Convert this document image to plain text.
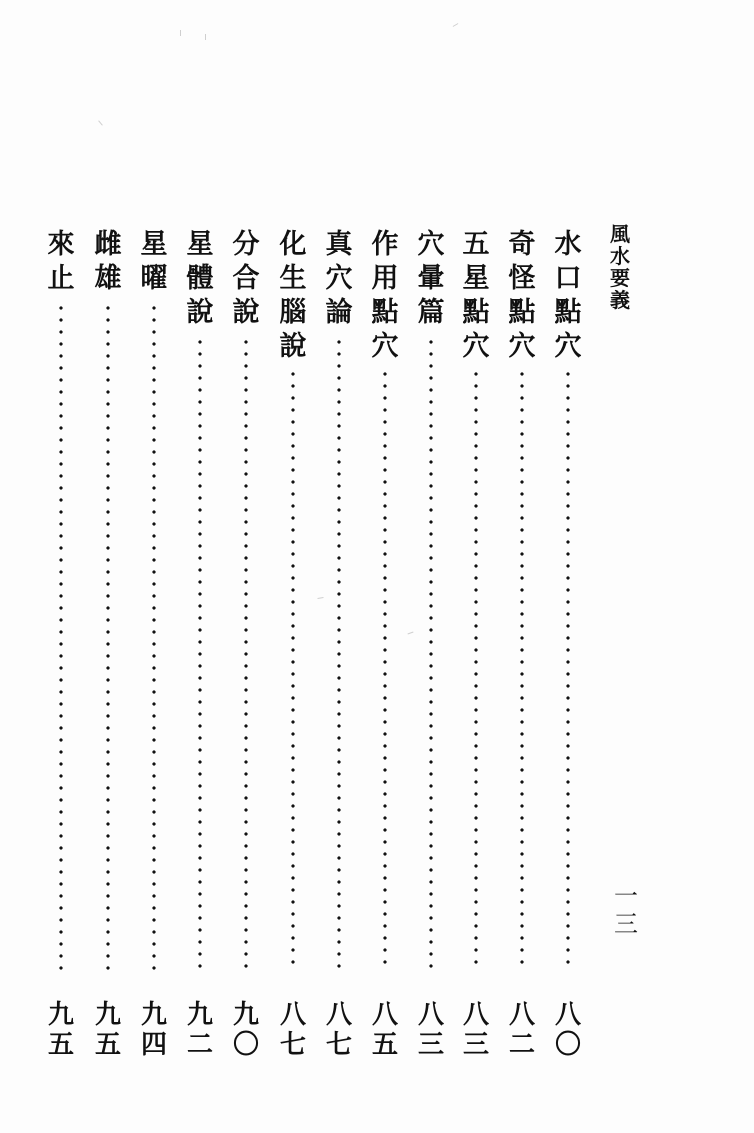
風
水
要
義
一
三
水
口
點
穴
八
〇
奇
怪
點
穴
八
二
五
星
點
穴
八
三
穴
暈
篇
八
三
作
用
點
穴
八
五
真
穴
論
八
七
化
生
腦
說
八
七
分
合
說
九
〇
星
體
說
九
二
星
曜
九
四
雌
雄
九
五
來
止
九
五
